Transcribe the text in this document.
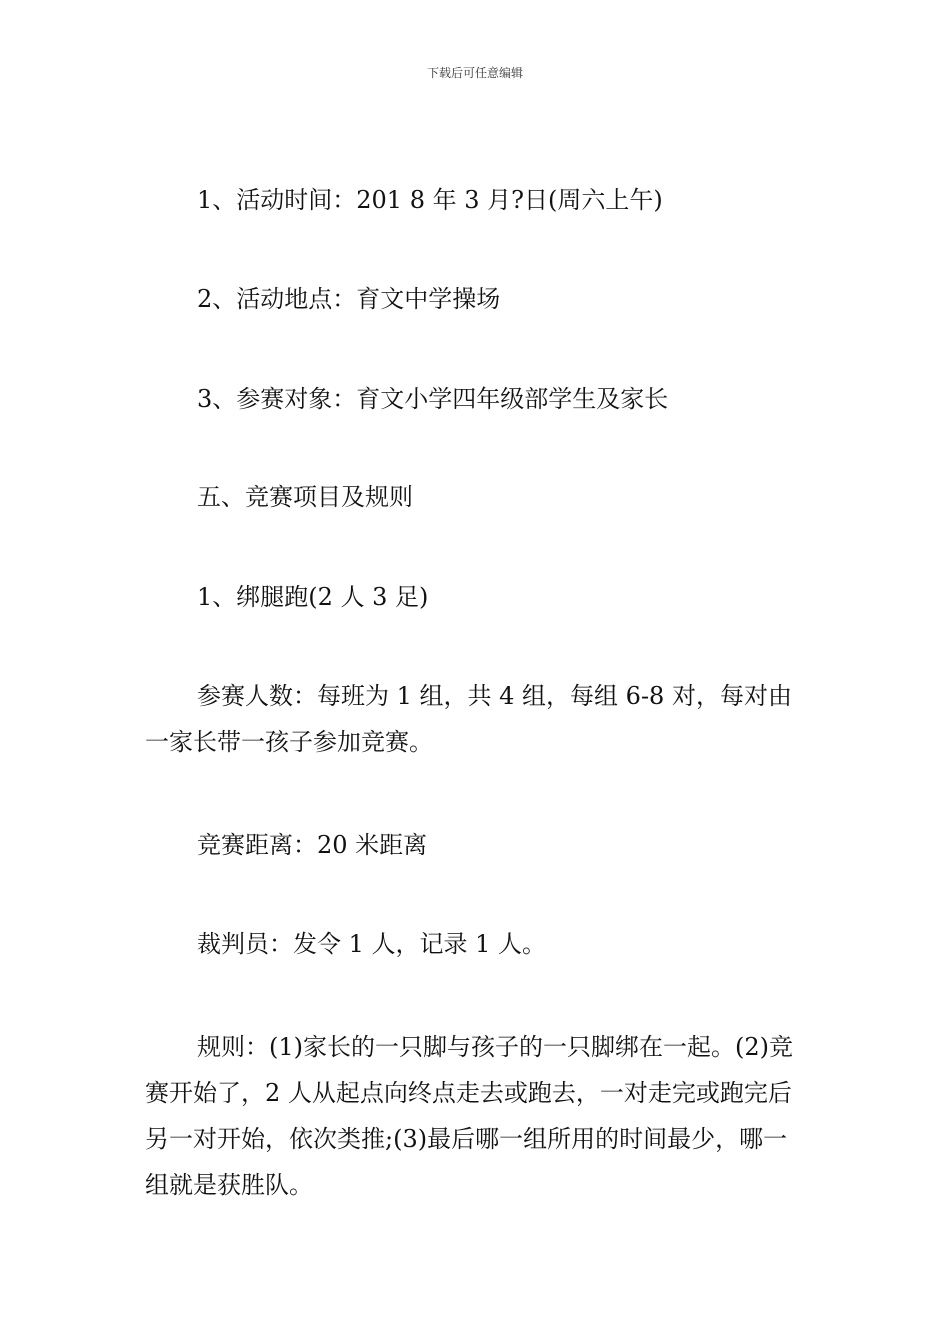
下载后可任意编辑
1、活动时间：201 8 年 3 月?日(周六上午)
2、活动地点：育文中学操场
3、参赛对象：育文小学四年级部学生及家长
五、竞赛项目及规则
1、绑腿跑(2 人 3 足)
参赛人数：每班为 1 组，共 4 组，每组 6-8 对，每对由一家长带一孩子参加竞赛。
竞赛距离：20 米距离
裁判员：发令 1 人，记录 1 人。
规则：(1)家长的一只脚与孩子的一只脚绑在一起。(2)竞赛开始了，2 人从起点向终点走去或跑去，一对走完或跑完后另一对开始，依次类推;(3)最后哪一组所用的时间最少，哪一组就是获胜队。
